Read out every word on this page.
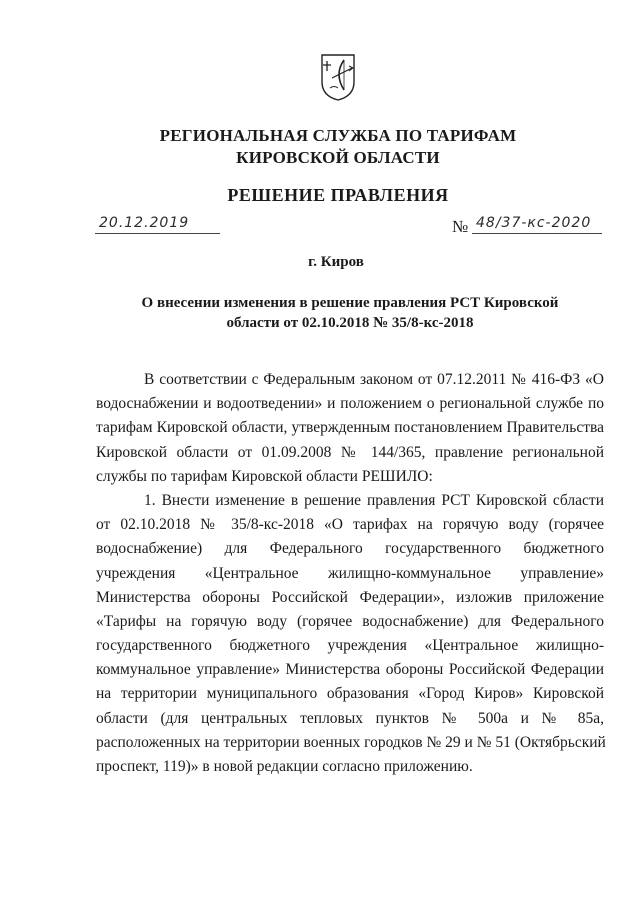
РЕГИОНАЛЬНАЯ СЛУЖБА ПО ТАРИФАМ
КИРОВСКОЙ ОБЛАСТИ
РЕШЕНИЕ ПРАВЛЕНИЯ
20.12.2019	№ 48/37-кс-2020
г. Киров
О внесении изменения в решение правления РСТ Кировской
области от 02.10.2018 № 35/8-кс-2018
В соответствии с Федеральным законом от 07.12.2011 № 416-ФЗ «О
водоснабжении и водоотведении» и положением о региональной службе по
тарифам Кировской области, утвержденным постановлением Правительства
Кировской области от 01.09.2008 № 144/365, правление региональной
службы по тарифам Кировской области РЕШИЛО:
1. Внести изменение в решение правления РСТ Кировской сбласти
от 02.10.2018 № 35/8-кс-2018 «О тарифах на горячую воду (горячее
водоснабжение) для Федерального государственного бюджетного
учреждения «Центральное жилищно-коммунальное управление»
Министерства обороны Российской Федерации», изложив приложение
«Тарифы на горячую воду (горячее водоснабжение) для Федерального
государственного бюджетного учреждения «Центральное жилищно-
коммунальное управление» Министерства обороны Российской Федерации
на территории муниципального образования «Город Киров» Кировской
области (для центральных тепловых пунктов № 500а и № 85а,
расположенных на территории военных городков № 29 и № 51 (Октябрьский
проспект, 119)» в новой редакции согласно приложению.
